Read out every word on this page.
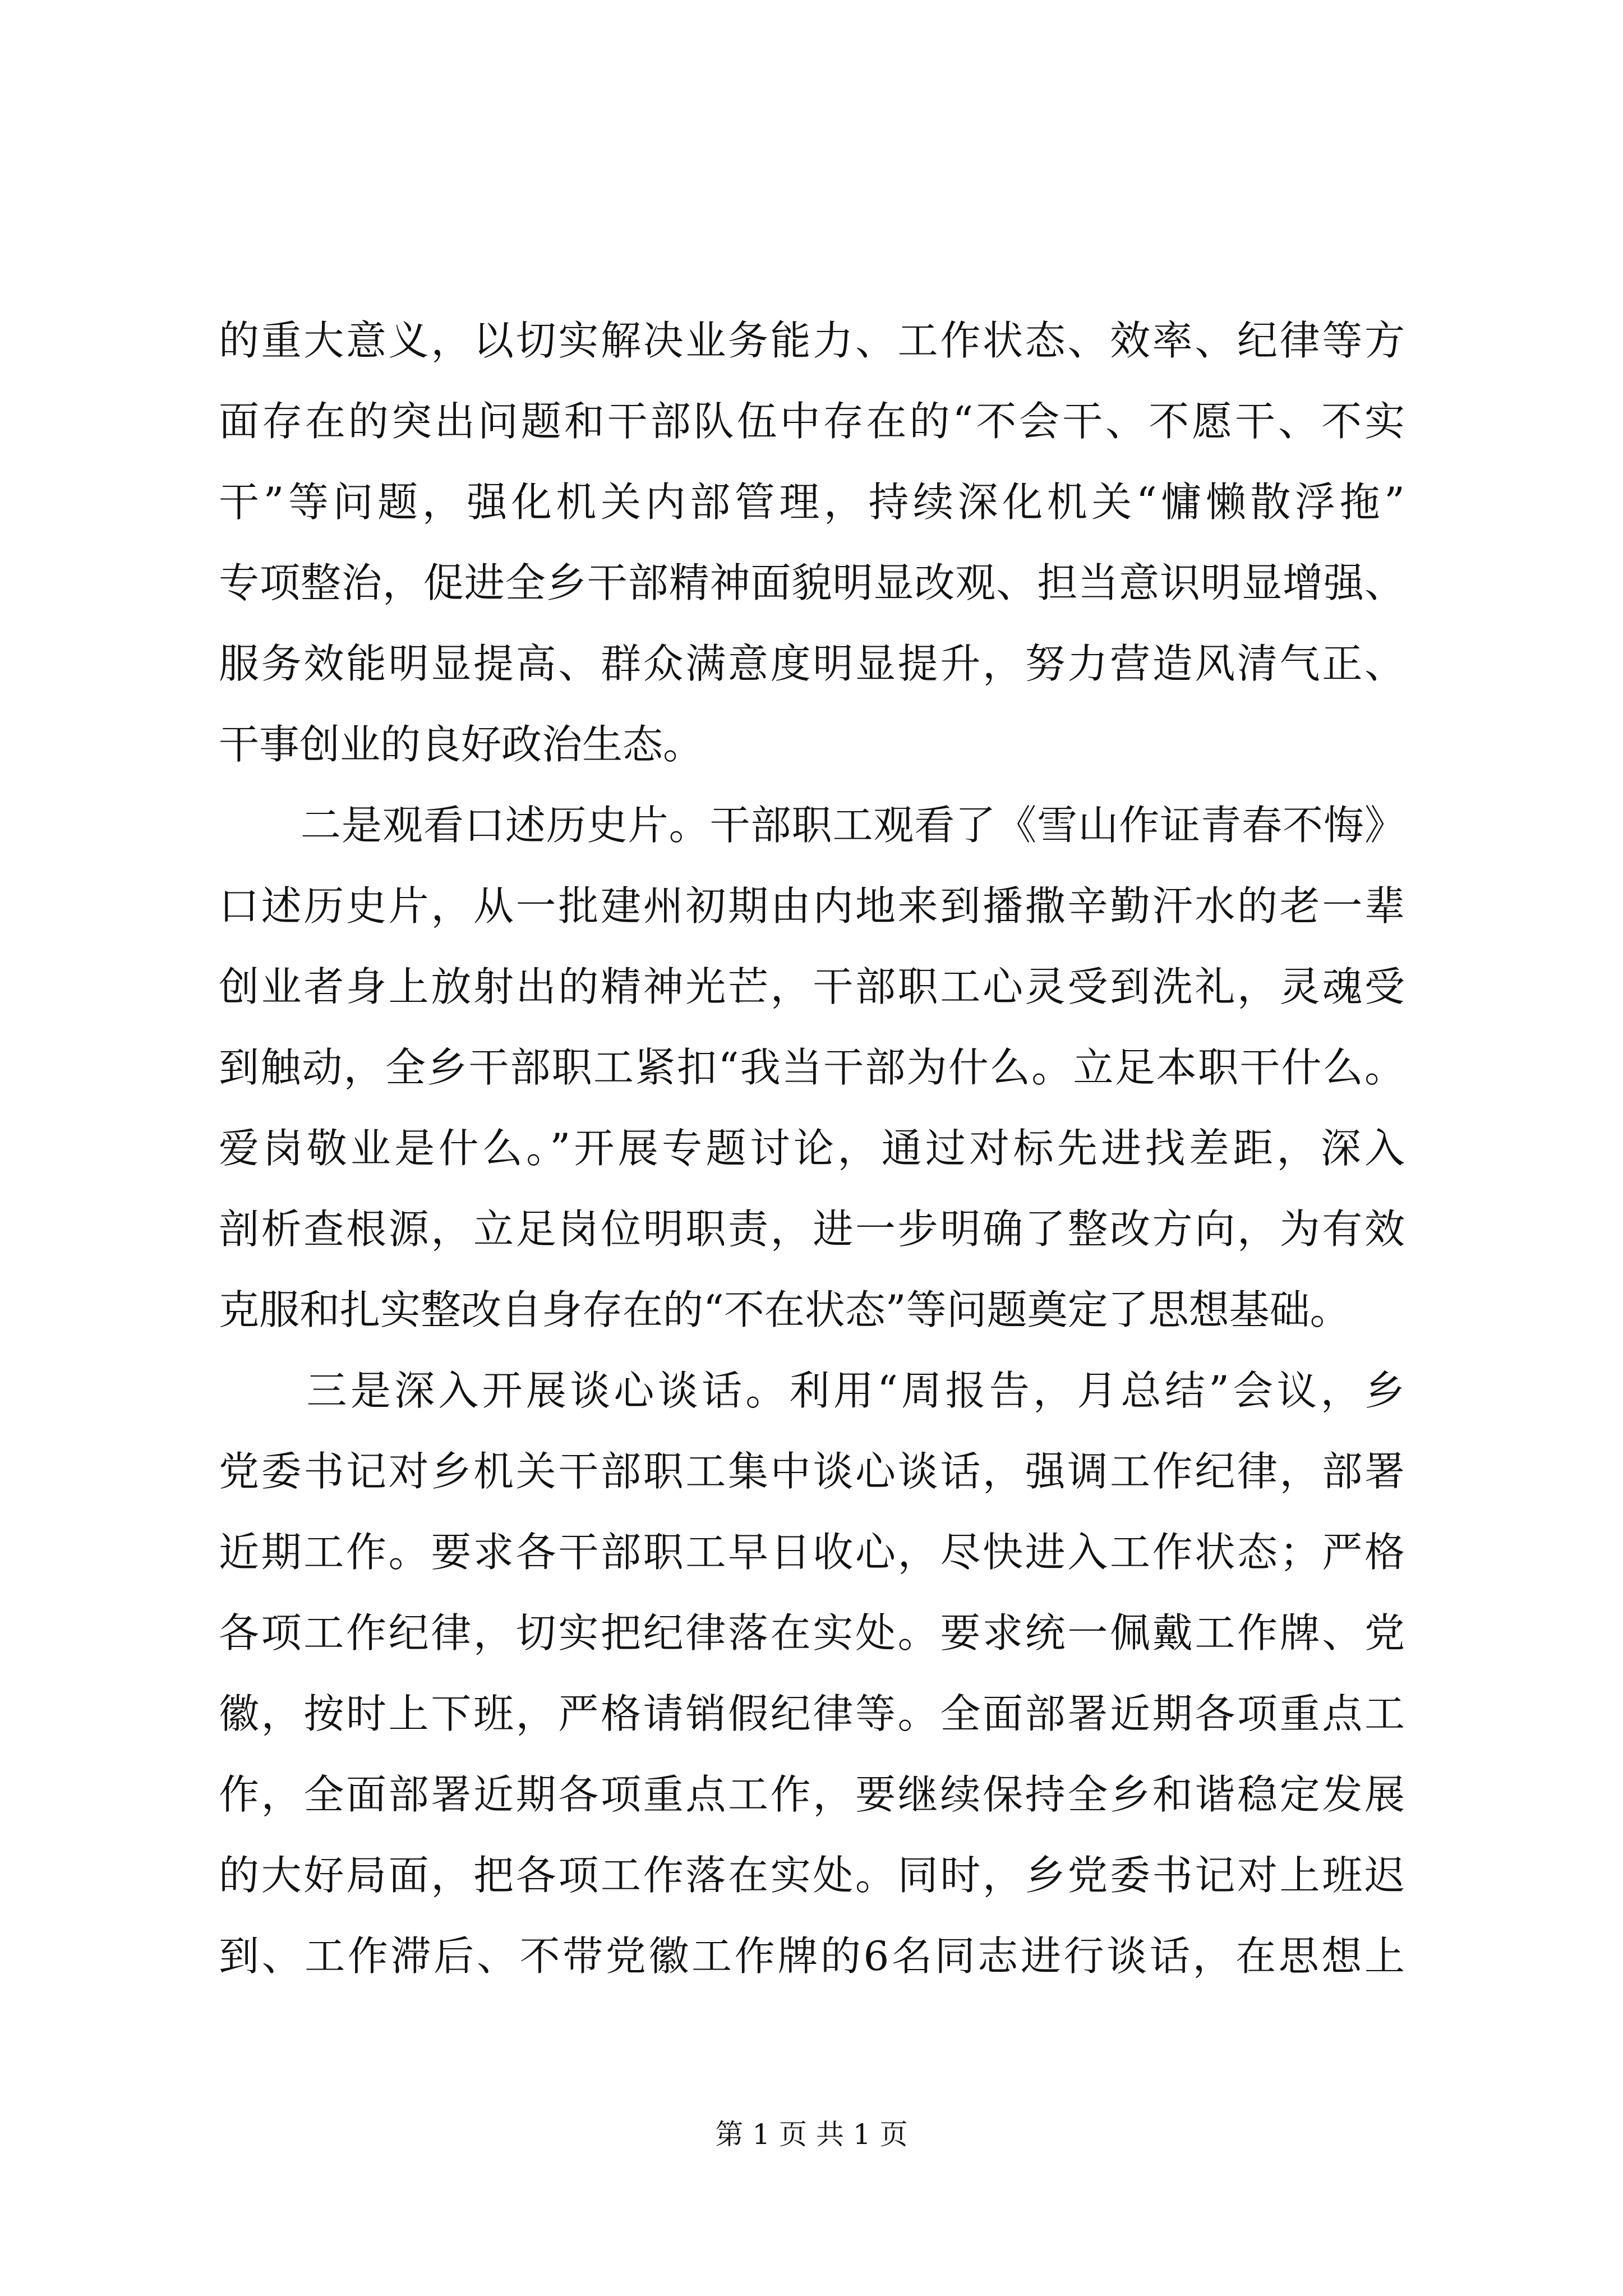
的重大意义，以切实解决业务能力、工作状态、效率、纪律等方
面存在的突出问题和干部队伍中存在的“不会干、不愿干、不实
干”等问题，强化机关内部管理，持续深化机关“慵懒散浮拖”
专项整治，促进全乡干部精神面貌明显改观、担当意识明显增强、
服务效能明显提高、群众满意度明显提升，努力营造风清气正、
干事创业的良好政治生态。
　　二是观看口述历史片。干部职工观看了《雪山作证青春不悔》
口述历史片，从一批建州初期由内地来到播撒辛勤汗水的老一辈
创业者身上放射出的精神光芒，干部职工心灵受到洗礼，灵魂受
到触动，全乡干部职工紧扣“我当干部为什么。立足本职干什么。
爱岗敬业是什么。”开展专题讨论，通过对标先进找差距，深入
剖析查根源，立足岗位明职责，进一步明确了整改方向，为有效
克服和扎实整改自身存在的“不在状态”等问题奠定了思想基础。
　　三是深入开展谈心谈话。利用“周报告，月总结”会议，乡
党委书记对乡机关干部职工集中谈心谈话，强调工作纪律，部署
近期工作。要求各干部职工早日收心，尽快进入工作状态；严格
各项工作纪律，切实把纪律落在实处。要求统一佩戴工作牌、党
徽，按时上下班，严格请销假纪律等。全面部署近期各项重点工
作，全面部署近期各项重点工作，要继续保持全乡和谐稳定发展
的大好局面，把各项工作落在实处。同时，乡党委书记对上班迟
到、工作滞后、不带党徽工作牌的6名同志进行谈话，在思想上
第 1 页 共 1 页
